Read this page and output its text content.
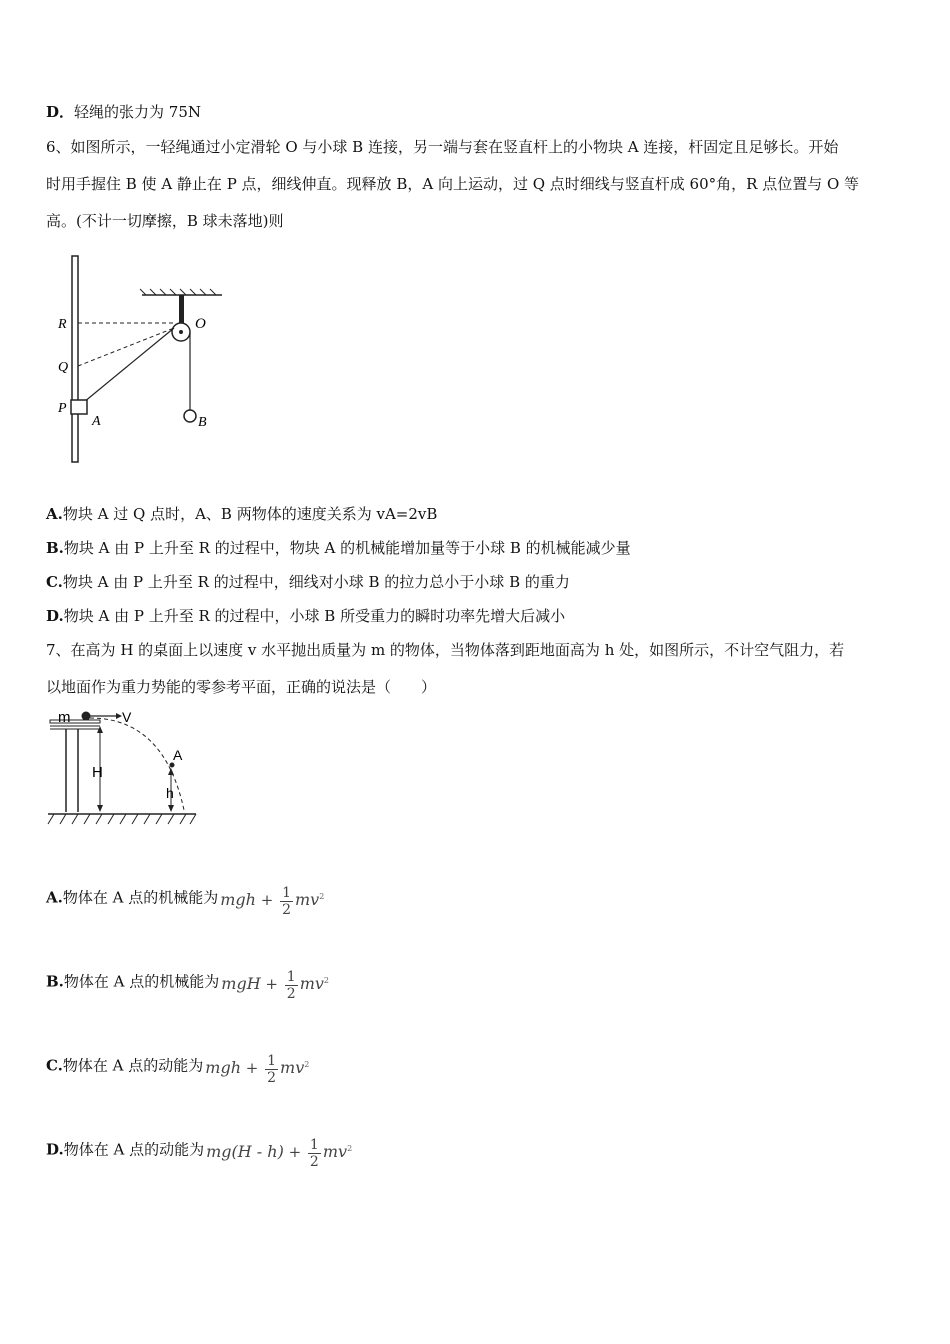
D．轻绳的张力为 75N
6、如图所示，一轻绳通过小定滑轮 O 与小球 B 连接，另一端与套在竖直杆上的小物块 A 连接，杆固定且足够长。开始
时用手握住 B 使 A 静止在 P 点，细线伸直。现释放 B，A 向上运动，过 Q 点时细线与竖直杆成 60°角，R 点位置与 O 等
高。(不计一切摩擦，B 球未落地)则
R
Q
P
A
O
B
A.物块 A 过 Q 点时，A、B 两物体的速度关系为 vA=2vB
B.物块 A 由 P 上升至 R 的过程中，物块 A 的机械能增加量等于小球 B 的机械能减少量
C.物块 A 由 P 上升至 R 的过程中，细线对小球 B 的拉力总小于小球 B 的重力
D.物块 A 由 P 上升至 R 的过程中，小球 B 所受重力的瞬时功率先增大后减小
7、在高为 H 的桌面上以速度 v 水平抛出质量为 m 的物体，当物体落到距地面高为 h 处，如图所示，不计空气阻力，若
以地面作为重力势能的零参考平面，正确的说法是（　　）
m	V
H
A
h
A.物体在 A 点的机械能为 mgh + $\frac{1}{2} mv^2$
B.物体在 A 点的机械能为 mgH + $\frac{1}{2} mv^2$
C.物体在 A 点的动能为 mgh + $\frac{1}{2} mv^2$
D.物体在 A 点的动能为 $mg(H - h) + \frac{1}{2} mv^2$
